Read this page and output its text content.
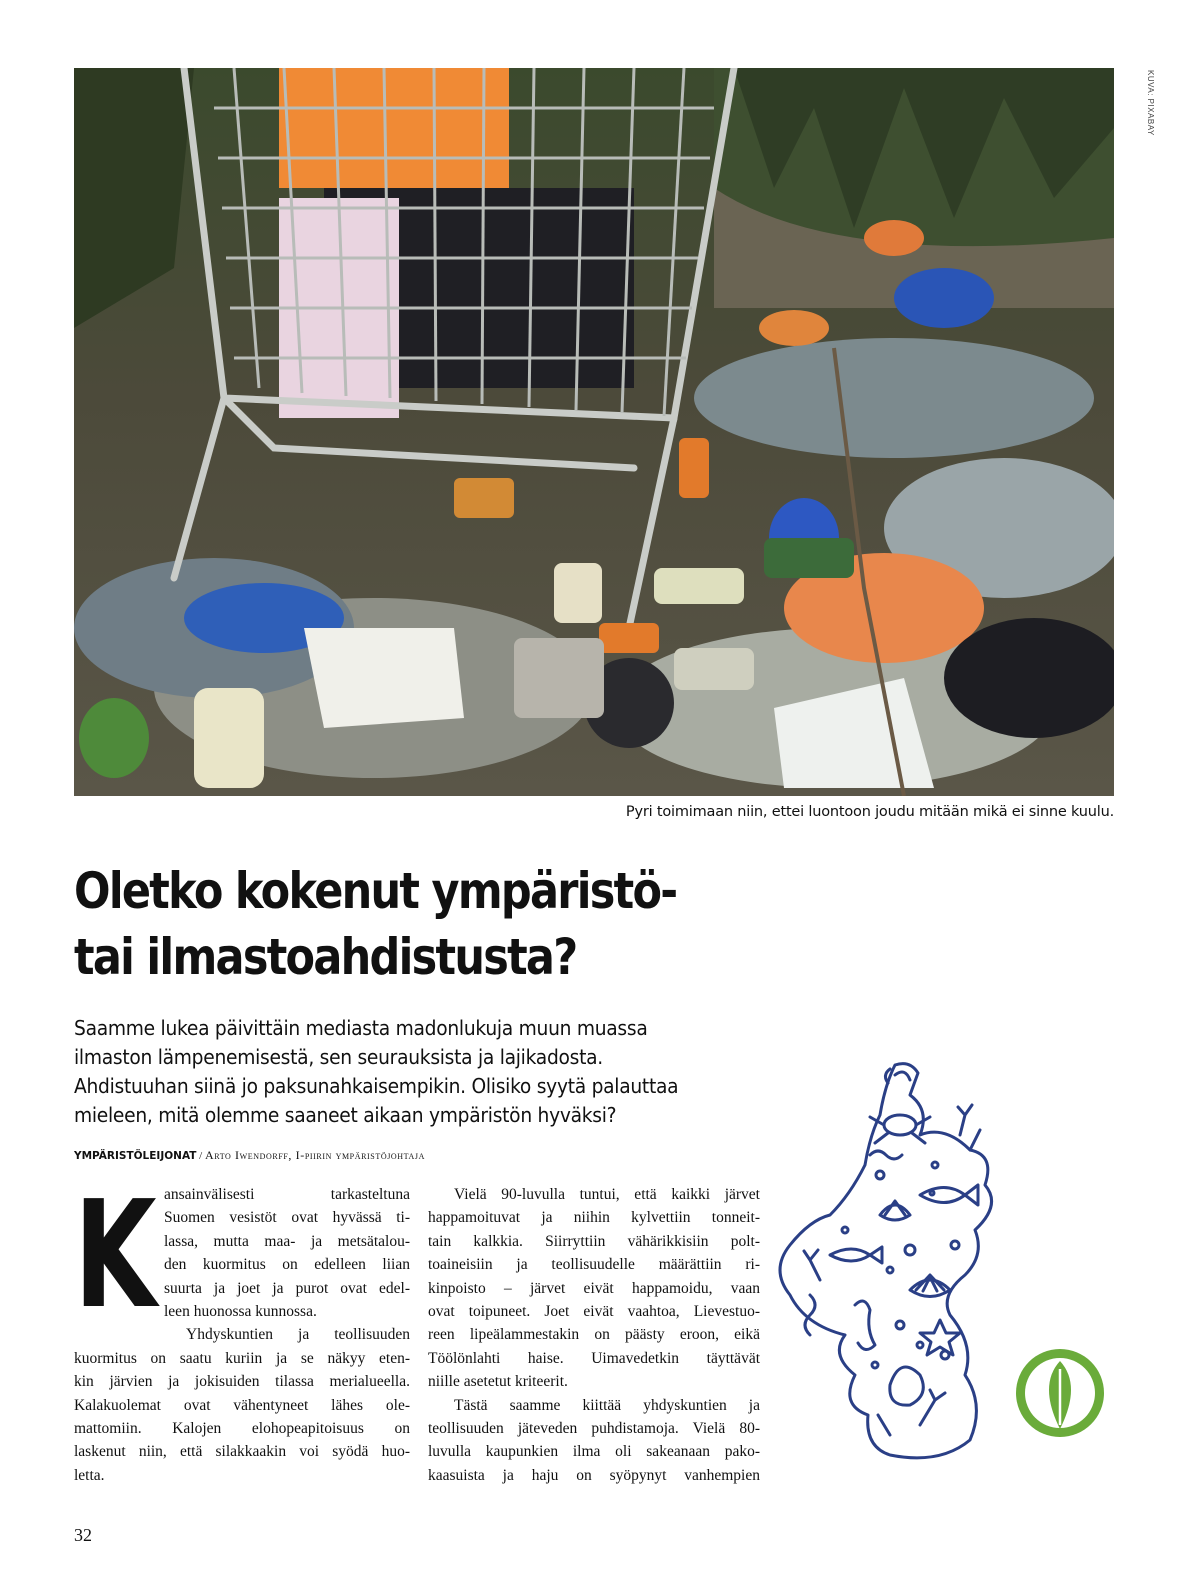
KUVA: PIXABAY
Pyri toimimaan niin, ettei luontoon joudu mitään mikä ei sinne kuulu.
Oletko kokenut ympäristö-
tai ilmastoahdistusta?

Saamme lukea päivittäin mediasta madonlukuja muun muassa
ilmaston lämpenemisestä, sen seurauksista ja lajikadosta.
Ahdistuuhan siinä jo paksunahkaisempikin. Olisiko syytä palauttaa
mieleen, mitä olemme saaneet aikaan ympäristön hyväksi?

YMPÄRISTÖLEIJONAT / Arto Iwendorff, I-piirin ympäristöjohtaja
K ansainvälisesti tarkasteltuna
Suomen vesistöt ovat hyvässä ti-
lassa, mutta maa- ja metsätalou-
den kuormitus on edelleen liian
suurta ja joet ja purot ovat edel-
leen huonossa kunnossa.
Yhdyskuntien ja teollisuuden
kuormitus on saatu kuriin ja se näkyy eten-
kin järvien ja jokisuiden tilassa merialueella.
Kalakuolemat ovat vähentyneet lähes ole-
mattomiin. Kalojen elohopeapitoisuus on
laskenut niin, että silakkaakin voi syödä huo-
letta.
Vielä 90-luvulla tuntui, että kaikki järvet
happamoituvat ja niihin kylvettiin tonneit-
tain kalkkia. Siirryttiin vähärikkisiin polt-
toaineisiin ja teollisuudelle määrättiin ri-
kinpoisto – järvet eivät happamoidu, vaan
ovat toipuneet. Joet eivät vaahtoa, Lievestuo-
reen lipeälammestakin on päästy eroon, eikä
Töölönlahti haise. Uimavedetkin täyttävät
niille asetetut kriteerit.
Tästä saamme kiittää yhdyskuntien ja
teollisuuden jäteveden puhdistamoja. Vielä 80-
luvulla kaupunkien ilma oli sakeanaan pako-
kaasuista ja haju on syöpynyt vanhempien
32
